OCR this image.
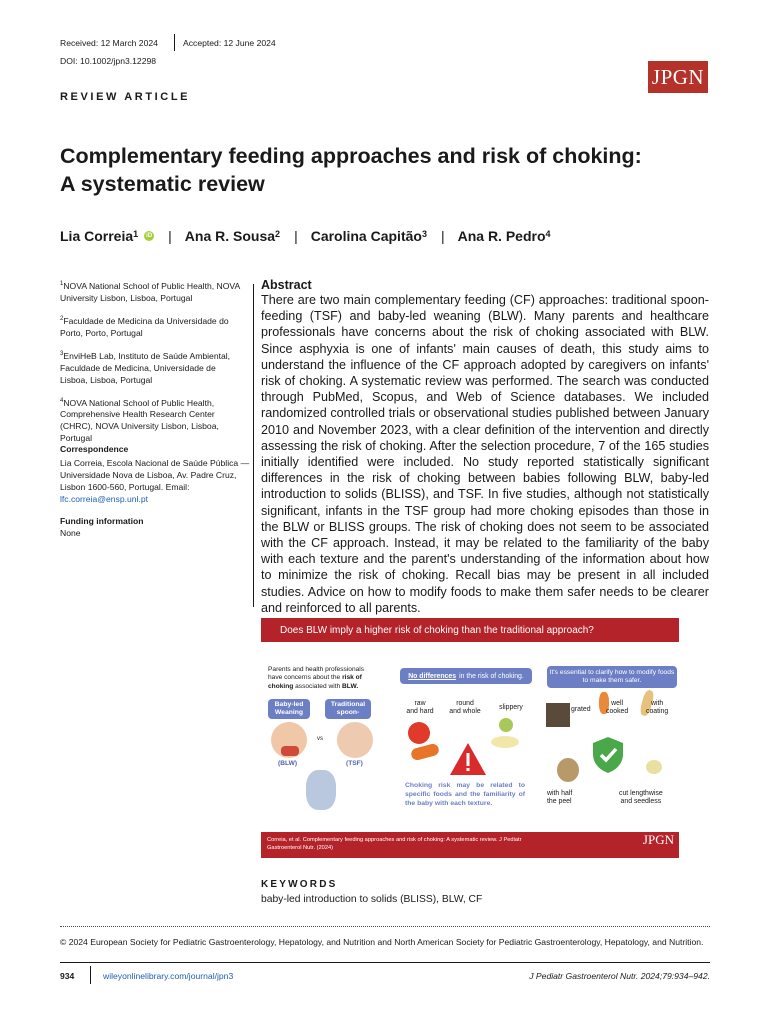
Received: 12 March 2024	Accepted: 12 June 2024
DOI: 10.1002/jpn3.12298
JPGN
REVIEW ARTICLE
Complementary feeding approaches and risk of choking:
A systematic review
Lia Correia$^1$	iD | Ana R. Sousa$^2$ | Carolina Capitão$^3$ | Ana R. Pedro$^4$
$^1$NOVA National School of Public Health, NOVA University Lisbon, Lisboa, Portugal
$^2$Faculdade de Medicina da Universidade do Porto, Porto, Portugal
$^3$EnviHeB Lab, Instituto de Saúde Ambiental, Faculdade de Medicina, Universidade de Lisboa, Lisboa, Portugal
$^4$NOVA National School of Public Health, Comprehensive Health Research Center (CHRC), NOVA University Lisbon, Lisboa, Portugal
Correspondence
Lia Correia, Escola Nacional de Saúde Pública — Universidade Nova de Lisboa, Av. Padre Cruz, Lisbon 1600-560, Portugal. Email: lfc.correia@ensp.unl.pt
Funding information
None
Abstract
There are two main complementary feeding (CF) approaches: traditional spoon-feeding (TSF) and baby-led weaning (BLW). Many parents and healthcare professionals have concerns about the risk of choking associated with BLW. Since asphyxia is one of infants' main causes of death, this study aims to understand the influence of the CF approach adopted by caregivers on infants' risk of choking. A systematic review was performed. The search was conducted through PubMed, Scopus, and Web of Science databases. We included randomized controlled trials or observational studies published between January 2010 and November 2023, with a clear definition of the intervention and directly assessing the risk of choking. After the selection procedure, 7 of the 165 studies initially identified were included. No study reported statistically significant differences in the risk of choking between babies following BLW, baby-led introduction to solids (BLISS), and TSF. In five studies, although not statistically significant, infants in the TSF group had more choking episodes than those in the BLW or BLISS groups. The risk of choking does not seem to be associated with the CF approach. Instead, it may be related to the familiarity of the baby with each texture and the parent's understanding of the information about how to minimize the risk of choking. Recall bias may be present in all included studies. Advice on how to modify foods to make them safer needs to be clearer and reinforced to all parents.
Does BLW imply a higher risk of choking than the traditional approach?
Parents and health professionals have concerns about the risk of choking associated with BLW.
Baby-led Weaning
Traditional spoon-
vs
(BLW)	(TSF)
No differences in the risk of choking.
raw
and hard
round
and whole
slippery
Choking risk may be related to specific foods and the familiarity of the baby with each texture.
It's essential to clarify how to modify foods to make them safer.
grated
well
cooked
with
coating
with half
the peel
cut lengthwise
and seedless
Correia, et al. Complementary feeding approaches and risk of choking: A systematic review. J Pediatr Gastroenterol Nutr. (2024)
JPGN
KEYWORDS
baby-led introduction to solids (BLISS), BLW, CF
© 2024 European Society for Pediatric Gastroenterology, Hepatology, and Nutrition and North American Society for Pediatric Gastroenterology, Hepatology, and Nutrition.
934	wileyonlinelibrary.com/journal/jpn3	J Pediatr Gastroenterol Nutr. 2024;79:934–942.
